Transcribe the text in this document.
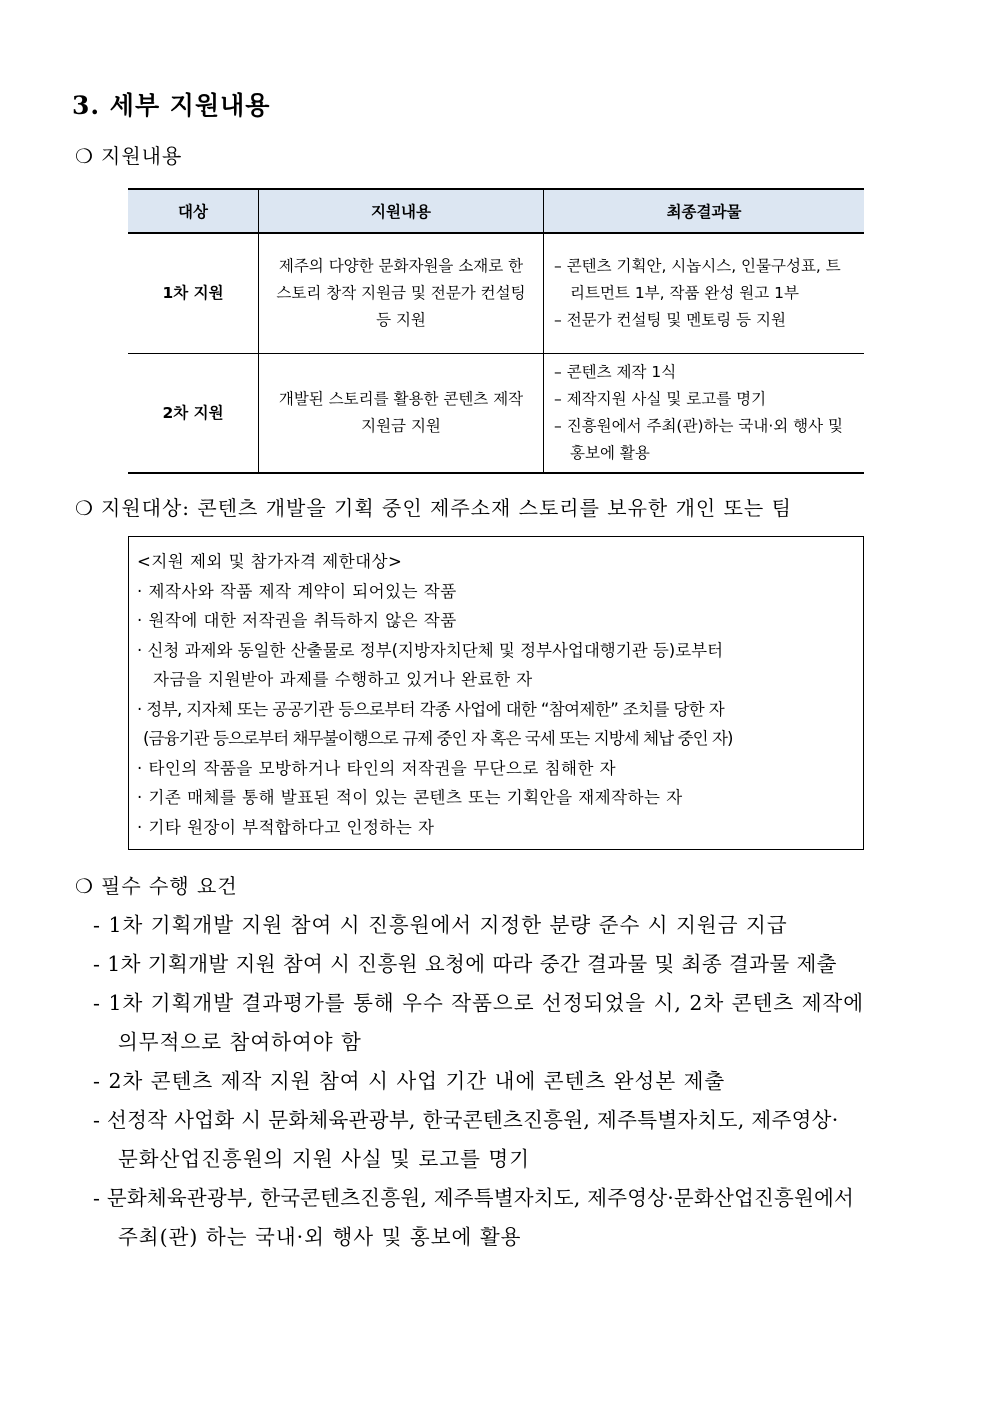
3. 세부 지원내용
❍ 지원내용
대상	지원내용	최종결과물
1차 지원	제주의 다양한 문화자원을 소재로 한 스토리 창작 지원금 및 전문가 컨설팅 등 지원	– 콘텐츠 기획안, 시놉시스, 인물구성표, 트리트먼트 1부, 작품 완성 원고 1부
– 전문가 컨설팅 및 멘토링 등 지원

2차 지원	개발된 스토리를 활용한 콘텐츠 제작 지원금 지원	– 콘텐츠 제작 1식
– 제작지원 사실 및 로고를 명기
– 진흥원에서 주최(관)하는 국내·외 행사 및 홍보에 활용
❍ 지원대상: 콘텐츠 개발을 기획 중인 제주소재 스토리를 보유한 개인 또는 팀
<지원 제외 및 참가자격 제한대상>
· 제작사와 작품 제작 계약이 되어있는 작품
· 원작에 대한 저작권을 취득하지 않은 작품
· 신청 과제와 동일한 산출물로 정부(지방자치단체 및 정부사업대행기관 등)로부터
자금을 지원받아 과제를 수행하고 있거나 완료한 자
· 정부, 지자체 또는 공공기관 등으로부터 각종 사업에 대한 “참여제한” 조치를 당한 자
(금융기관 등으로부터 채무불이행으로 규제 중인 자 혹은 국세 또는 지방세 체납 중인 자)
· 타인의 작품을 모방하거나 타인의 저작권을 무단으로 침해한 자
· 기존 매체를 통해 발표된 적이 있는 콘텐츠 또는 기획안을 재제작하는 자
· 기타 원장이 부적합하다고 인정하는 자
❍ 필수 수행 요건
- 1차 기획개발 지원 참여 시 진흥원에서 지정한 분량 준수 시 지원금 지급
- 1차 기획개발 지원 참여 시 진흥원 요청에 따라 중간 결과물 및 최종 결과물 제출
- 1차 기획개발 결과평가를 통해 우수 작품으로 선정되었을 시, 2차 콘텐츠 제작에
의무적으로 참여하여야 함
- 2차 콘텐츠 제작 지원 참여 시 사업 기간 내에 콘텐츠 완성본 제출
- 선정작 사업화 시 문화체육관광부, 한국콘텐츠진흥원, 제주특별자치도, 제주영상·
문화산업진흥원의 지원 사실 및 로고를 명기
- 문화체육관광부, 한국콘텐츠진흥원, 제주특별자치도, 제주영상·문화산업진흥원에서
주최(관) 하는 국내·외 행사 및 홍보에 활용
